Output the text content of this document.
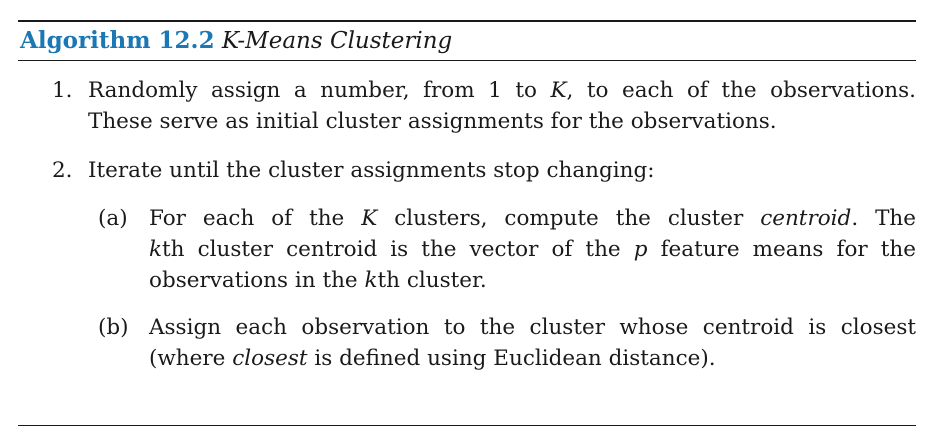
Algorithm 12.2 K-Means Clustering
1. Randomly assign a number, from 1 to K, to each of the observations.
These serve as initial cluster assignments for the observations.
2. Iterate until the cluster assignments stop changing:
(a) For each of the K clusters, compute the cluster centroid. The
kth cluster centroid is the vector of the p feature means for the
observations in the kth cluster.
(b) Assign each observation to the cluster whose centroid is closest
(where closest is defined using Euclidean distance).
